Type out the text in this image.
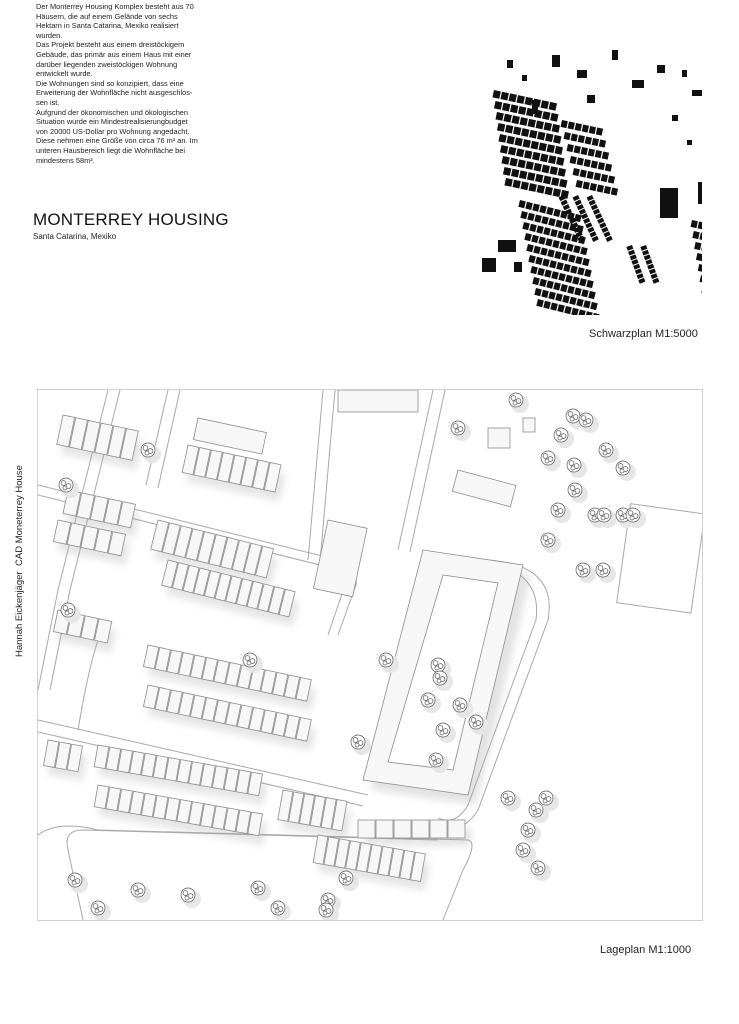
Der Monterrey Housing Komplex besteht aus 70

Häusern, die auf einem Gelände von sechs

Hektarn in Santa Catarina, Mexiko realisiert

wurden.

Das Projekt besteht aus einem dreistöckigem

Gebäude, das primär aus einem Haus mit einer

darüber liegenden zweistöckigen Wohnung

entwickelt wurde.

Die Wohnungen sind so konzipiert, dass eine

Erweiterung der Wohnfläche nicht ausgeschlos-

sen ist.

Aufgrund der ökonomischen und ökologischen

Situation wurde ein Mindestrealisierungbudget

von 20000 US-Dollar pro Wohnung angedacht.

Diese nehmen eine Größe von circa 76 m² an. Im

unteren Hausbereich liegt die Wohnfläche bei

mindestens 58m².

MONTERREY HOUSING
Santa Catarina, Mexiko
Schwarzplan M1:5000
CAD Moneterrey House
Hannah Eickenjäger
Lageplan M1:1000
